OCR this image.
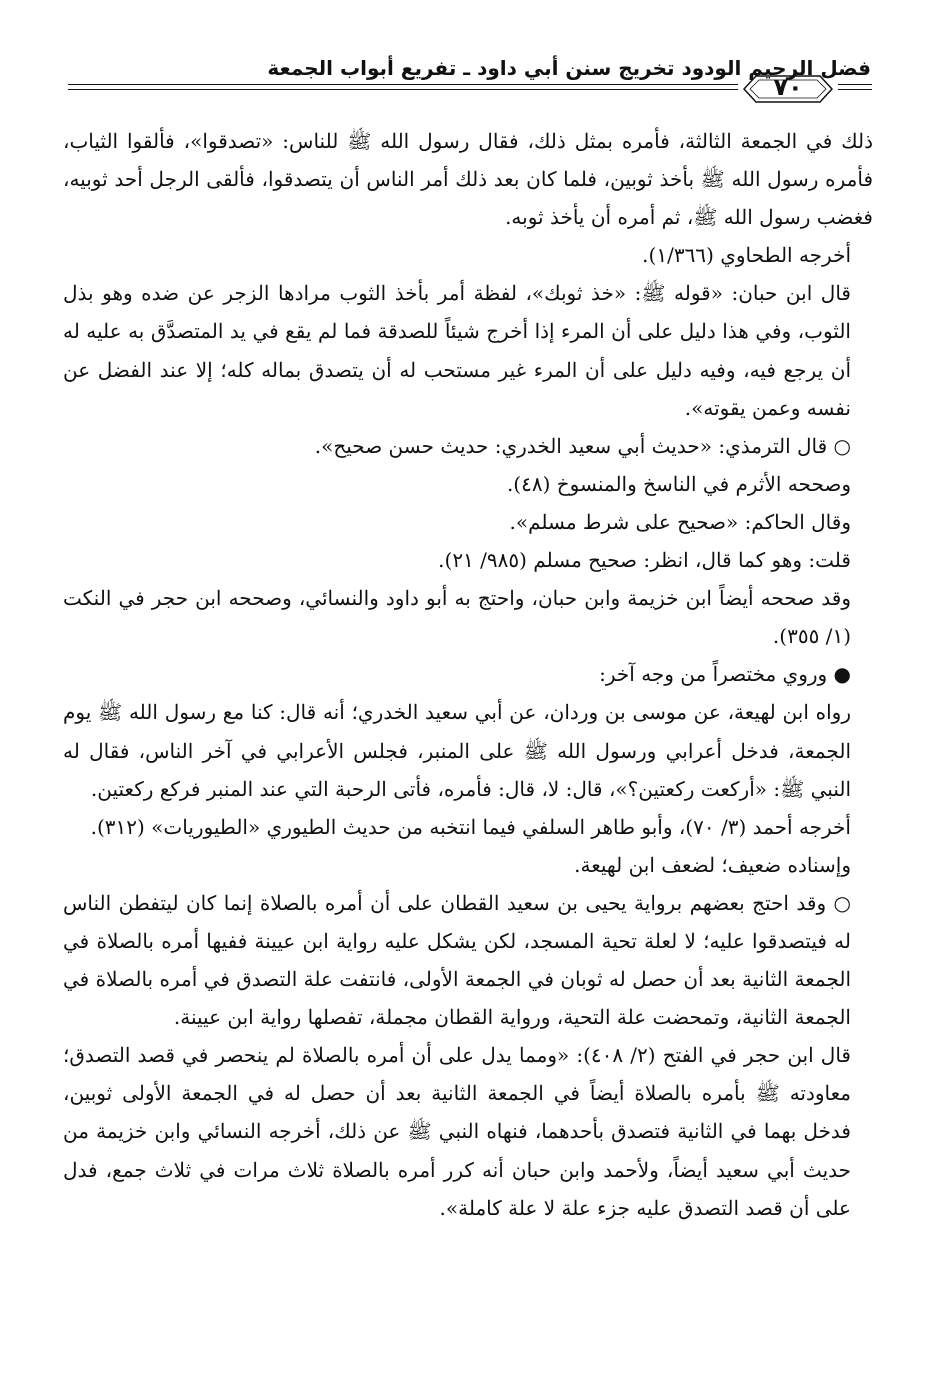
فضل الرحيم الودود تخريج سنن أبي داود ـ تفريع أبواب الجمعة
٧٠

ذلك في الجمعة الثالثة، فأمره بمثل ذلك، فقال رسول الله ﷺ للناس: «تصدقوا»، فألقوا الثياب، فأمره رسول الله ﷺ بأخذ ثوبين، فلما كان بعد ذلك أمر الناس أن يتصدقوا، فألقى الرجل أحد ثوبيه، فغضب رسول الله ﷺ، ثم أمره أن يأخذ ثوبه.

أخرجه الطحاوي (١/٣٦٦).

قال ابن حبان: «قوله ﷺ: «خذ ثوبك»، لفظة أمر بأخذ الثوب مرادها الزجر عن ضده وهو بذل الثوب، وفي هذا دليل على أن المرء إذا أخرج شيئاً للصدقة فما لم يقع في يد المتصدَّق به عليه له أن يرجع فيه، وفيه دليل على أن المرء غير مستحب له أن يتصدق بماله كله؛ إلا عند الفضل عن نفسه وعمن يقوته».

○ قال الترمذي: «حديث أبي سعيد الخدري: حديث حسن صحيح».

وصححه الأثرم في الناسخ والمنسوخ (٤٨).

وقال الحاكم: «صحيح على شرط مسلم».

قلت: وهو كما قال، انظر: صحيح مسلم (٩٨٥/ ٢١).

وقد صححه أيضاً ابن خزيمة وابن حبان، واحتج به أبو داود والنسائي، وصححه ابن حجر في النكت (١/ ٣٥٥).

● وروي مختصراً من وجه آخر:

رواه ابن لهيعة، عن موسى بن وردان، عن أبي سعيد الخدري؛ أنه قال: كنا مع رسول الله ﷺ يوم الجمعة، فدخل أعرابي ورسول الله ﷺ على المنبر، فجلس الأعرابي في آخر الناس، فقال له النبي ﷺ: «أركعت ركعتين؟»، قال: لا، قال: فأمره، فأتى الرحبة التي عند المنبر فركع ركعتين.

أخرجه أحمد (٣/ ٧٠)، وأبو طاهر السلفي فيما انتخبه من حديث الطيوري «الطيوريات» (٣١٢).

وإسناده ضعيف؛ لضعف ابن لهيعة.

○ وقد احتج بعضهم برواية يحيى بن سعيد القطان على أن أمره بالصلاة إنما كان ليتفطن الناس له فيتصدقوا عليه؛ لا لعلة تحية المسجد، لكن يشكل عليه رواية ابن عيينة ففيها أمره بالصلاة في الجمعة الثانية بعد أن حصل له ثوبان في الجمعة الأولى، فانتفت علة التصدق في أمره بالصلاة في الجمعة الثانية، وتمحضت علة التحية، ورواية القطان مجملة، تفصلها رواية ابن عيينة.

قال ابن حجر في الفتح (٢/ ٤٠٨): «ومما يدل على أن أمره بالصلاة لم ينحصر في قصد التصدق؛ معاودته ﷺ بأمره بالصلاة أيضاً في الجمعة الثانية بعد أن حصل له في الجمعة الأولى ثوبين، فدخل بهما في الثانية فتصدق بأحدهما، فنهاه النبي ﷺ عن ذلك، أخرجه النسائي وابن خزيمة من حديث أبي سعيد أيضاً، ولأحمد وابن حبان أنه كرر أمره بالصلاة ثلاث مرات في ثلاث جمع، فدل على أن قصد التصدق عليه جزء علة لا علة كاملة».
